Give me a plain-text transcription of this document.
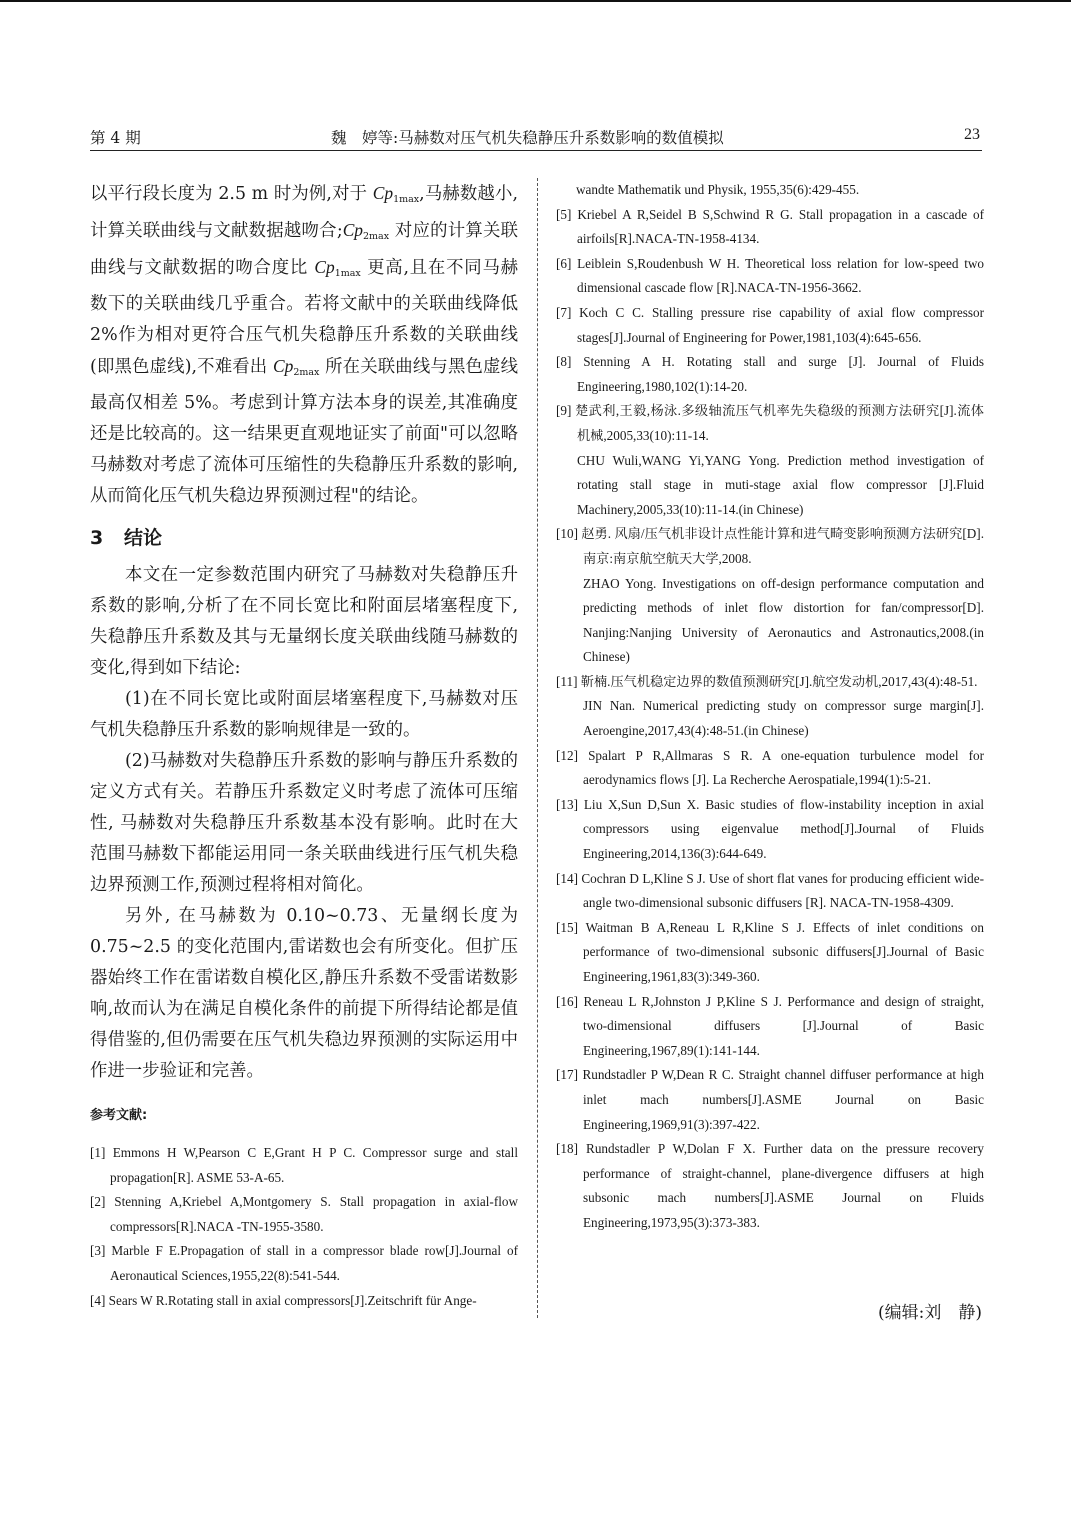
第 4 期	魏　婷等:马赫数对压气机失稳静压升系数影响的数值模拟	23

以平行段长度为 2.5 m 时为例,对于 $Cp_{1max}$,马赫数越小,计算关联曲线与文献数据越吻合$;Cp_{2max}$ 对应的计算关联曲线与文献数据的吻合度比 $Cp_{1max}$ 更高,且在不同马赫数下的关联曲线几乎重合。若将文献中的关联曲线降低 2%作为相对更符合压气机失稳静压升系数的关联曲线(即黑色虚线),不难看出 $Cp_{2max}$ 所在关联曲线与黑色虚线最高仅相差 5%。考虑到计算方法本身的误差,其准确度还是比较高的。这一结果更直观地证实了前面"可以忽略马赫数对考虑了流体可压缩性的失稳静压升系数的影响,从而简化压气机失稳边界预测过程"的结论。

3 结论

本文在一定参数范围内研究了马赫数对失稳静压升系数的影响,分析了在不同长宽比和附面层堵塞程度下,失稳静压升系数及其与无量纲长度关联曲线随马赫数的变化,得到如下结论:

(1)在不同长宽比或附面层堵塞程度下,马赫数对压气机失稳静压升系数的影响规律是一致的。

(2)马赫数对失稳静压升系数的影响与静压升系数的定义方式有关。若静压升系数定义时考虑了流体可压缩性, 马赫数对失稳静压升系数基本没有影响。此时在大范围马赫数下都能运用同一条关联曲线进行压气机失稳边界预测工作,预测过程将相对简化。

另外, 在马赫数为 0.10~0.73、无量纲长度为 0.75~2.5 的变化范围内,雷诺数也会有所变化。但扩压器始终工作在雷诺数自模化区,静压升系数不受雷诺数影响,故而认为在满足自模化条件的前提下所得结论都是值得借鉴的,但仍需要在压气机失稳边界预测的实际运用中作进一步验证和完善。

参考文献:

[1] Emmons H W,Pearson C E,Grant H P C. Compressor surge and stall propagation[R]. ASME 53-A-65.

[2] Stenning A,Kriebel A,Montgomery S. Stall propagation in axial-flow compressors[R].NACA -TN-1955-3580.

[3] Marble F E.Propagation of stall in a compressor blade row[J].Journal of Aeronautical Sciences,1955,22(8):541-544.

[4] Sears W R.Rotating stall in axial compressors[J].Zeitschrift für Ange-

wandte Mathematik und Physik, 1955,35(6):429-455.

[5] Kriebel A R,Seidel B S,Schwind R G. Stall propagation in a cascade of airfoils[R].NACA-TN-1958-4134.

[6] Leiblein S,Roudenbush W H. Theoretical loss relation for low-speed two dimensional cascade flow [R].NACA-TN-1956-3662.

[7] Koch C C. Stalling pressure rise capability of axial flow compressor stages[J].Journal of Engineering for Power,1981,103(4):645-656.

[8] Stenning A H. Rotating stall and surge [J]. Journal of Fluids Engineering,1980,102(1):14-20.

[9] 楚武利,王毅,杨泳.多级轴流压气机率先失稳级的预测方法研究[J].流体机械,2005,33(10):11-14.
CHU Wuli,WANG Yi,YANG Yong. Prediction method investigation of rotating stall stage in muti-stage axial flow compressor [J].Fluid Machinery,2005,33(10):11-14.(in Chinese)

[10] 赵勇. 风扇/压气机非设计点性能计算和进气畸变影响预测方法研究[D].南京:南京航空航天大学,2008.
ZHAO Yong. Investigations on off-design performance computation and predicting methods of inlet flow distortion for fan/compressor[D]. Nanjing:Nanjing University of Aeronautics and Astronautics,2008.(in Chinese)

[11] 靳楠.压气机稳定边界的数值预测研究[J].航空发动机,2017,43(4):48-51.
JIN Nan. Numerical predicting study on compressor surge margin[J]. Aeroengine,2017,43(4):48-51.(in Chinese)

[12] Spalart P R,Allmaras S R. A one-equation turbulence model for aerodynamics flows [J]. La Recherche Aerospatiale,1994(1):5-21.

[13] Liu X,Sun D,Sun X. Basic studies of flow-instability inception in axial compressors using eigenvalue method[J].Journal of Fluids Engineering,2014,136(3):644-649.

[14] Cochran D L,Kline S J. Use of short flat vanes for producing efficient wide-angle two-dimensional subsonic diffusers [R]. NACA-TN-1958-4309.

[15] Waitman B A,Reneau L R,Kline S J. Effects of inlet conditions on performance of two-dimensional subsonic diffusers[J].Journal of Basic Engineering,1961,83(3):349-360.

[16] Reneau L R,Johnston J P,Kline S J. Performance and design of straight, two-dimensional diffusers [J].Journal of Basic Engineering,1967,89(1):141-144.

[17] Rundstadler P W,Dean R C. Straight channel diffuser performance at high inlet mach numbers[J].ASME Journal on Basic Engineering,1969,91(3):397-422.

[18] Rundstadler P W,Dolan F X. Further data on the pressure recovery performance of straight-channel, plane-divergence diffusers at high subsonic mach numbers[J].ASME Journal on Fluids Engineering,1973,95(3):373-383.

(编辑:刘　静)
